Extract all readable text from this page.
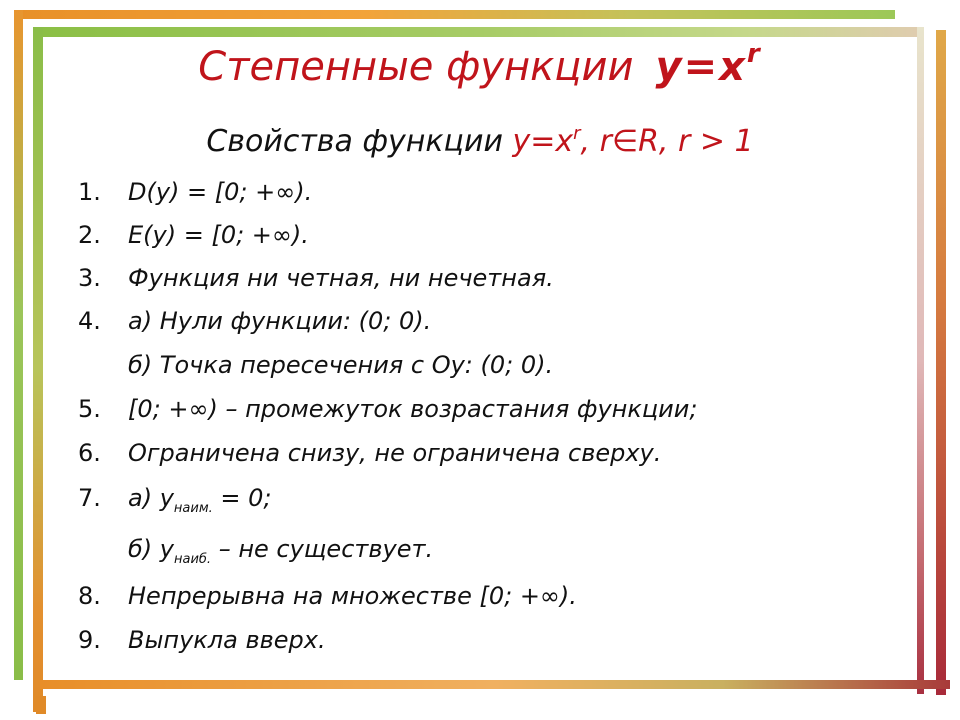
Степенные функции $y=x^r$
Свойства функции $y=x^r$, r∈R, r > 1
1.	D(y) = [0; +∞).
2.	E(y) = [0; +∞).
3.	Функция ни четная, ни нечетная.
4.	а) Нули функции: (0; 0).
б) Точка пересечения с Оу: (0; 0).
5.	[0; +∞) – промежуток возрастания функции;
6.	Ограничена снизу, не ограничена сверху.
7.	а) $y_{наим.} = 0$;
б) $y_{наиб.}$ – не существует.
8.	Непрерывна на множестве [0; +∞).
9.	Выпукла вверх.
